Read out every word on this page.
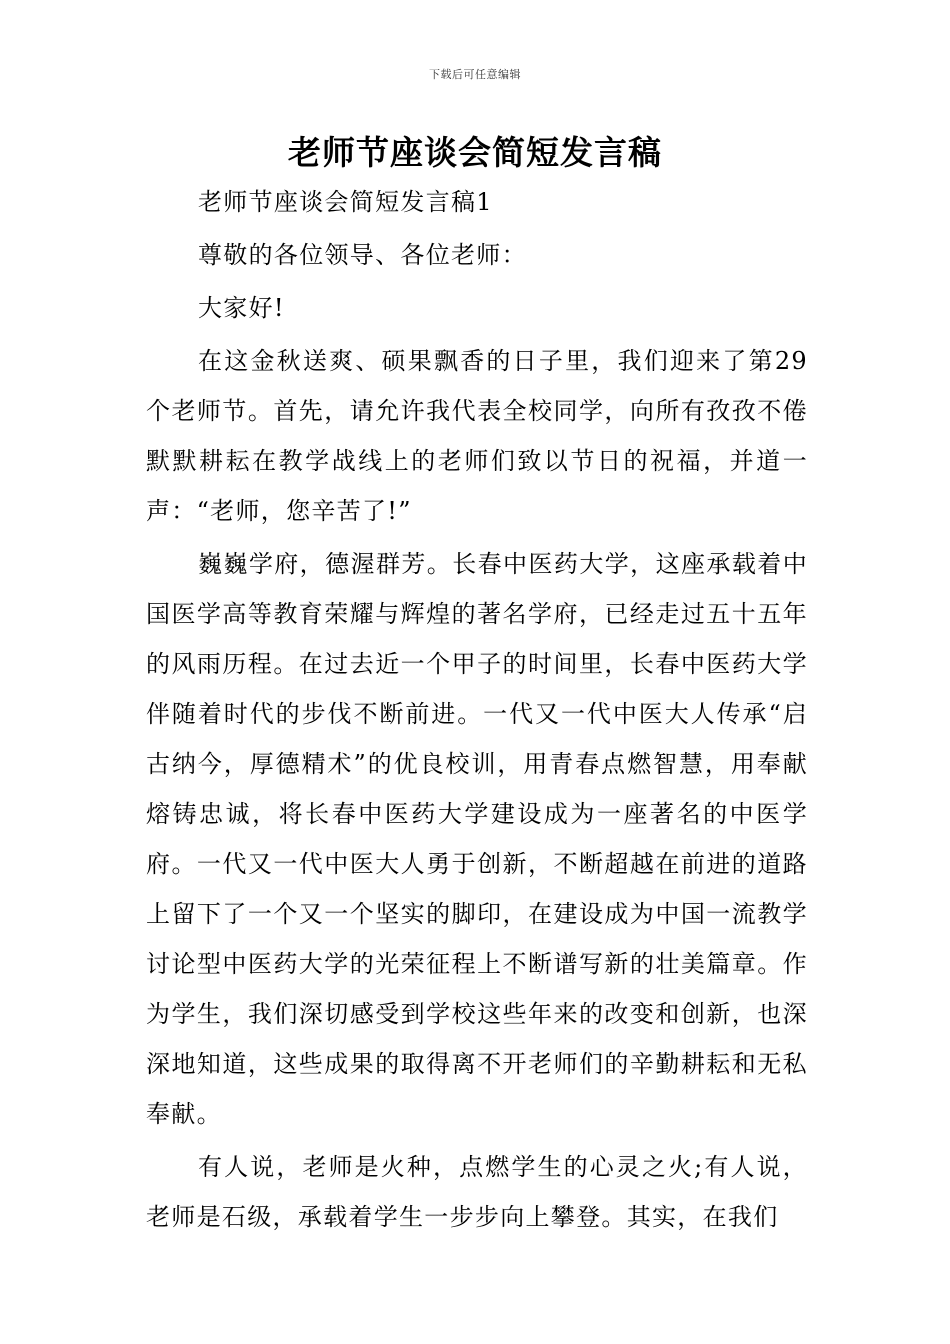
下载后可任意编辑
老师节座谈会简短发言稿

老师节座谈会简短发言稿1

尊敬的各位领导、各位老师：

大家好!

在这金秋送爽、硕果飘香的日子里，我们迎来了第29个老师节。首先，请允许我代表全校同学，向所有孜孜不倦默默耕耘在教学战线上的老师们致以节日的祝福，并道一声：“老师，您辛苦了!”

巍巍学府，德渥群芳。长春中医药大学，这座承载着中国医学高等教育荣耀与辉煌的著名学府，已经走过五十五年的风雨历程。在过去近一个甲子的时间里，长春中医药大学伴随着时代的步伐不断前进。一代又一代中医大人传承“启古纳今，厚德精术”的优良校训，用青春点燃智慧，用奉献熔铸忠诚，将长春中医药大学建设成为一座著名的中医学府。一代又一代中医大人勇于创新，不断超越在前进的道路上留下了一个又一个坚实的脚印，在建设成为中国一流教学讨论型中医药大学的光荣征程上不断谱写新的壮美篇章。作为学生，我们深切感受到学校这些年来的改变和创新，也深深地知道，这些成果的取得离不开老师们的辛勤耕耘和无私奉献。

有人说，老师是火种，点燃学生的心灵之火;有人说，老师是石级，承载着学生一步步向上攀登。其实，在我们
